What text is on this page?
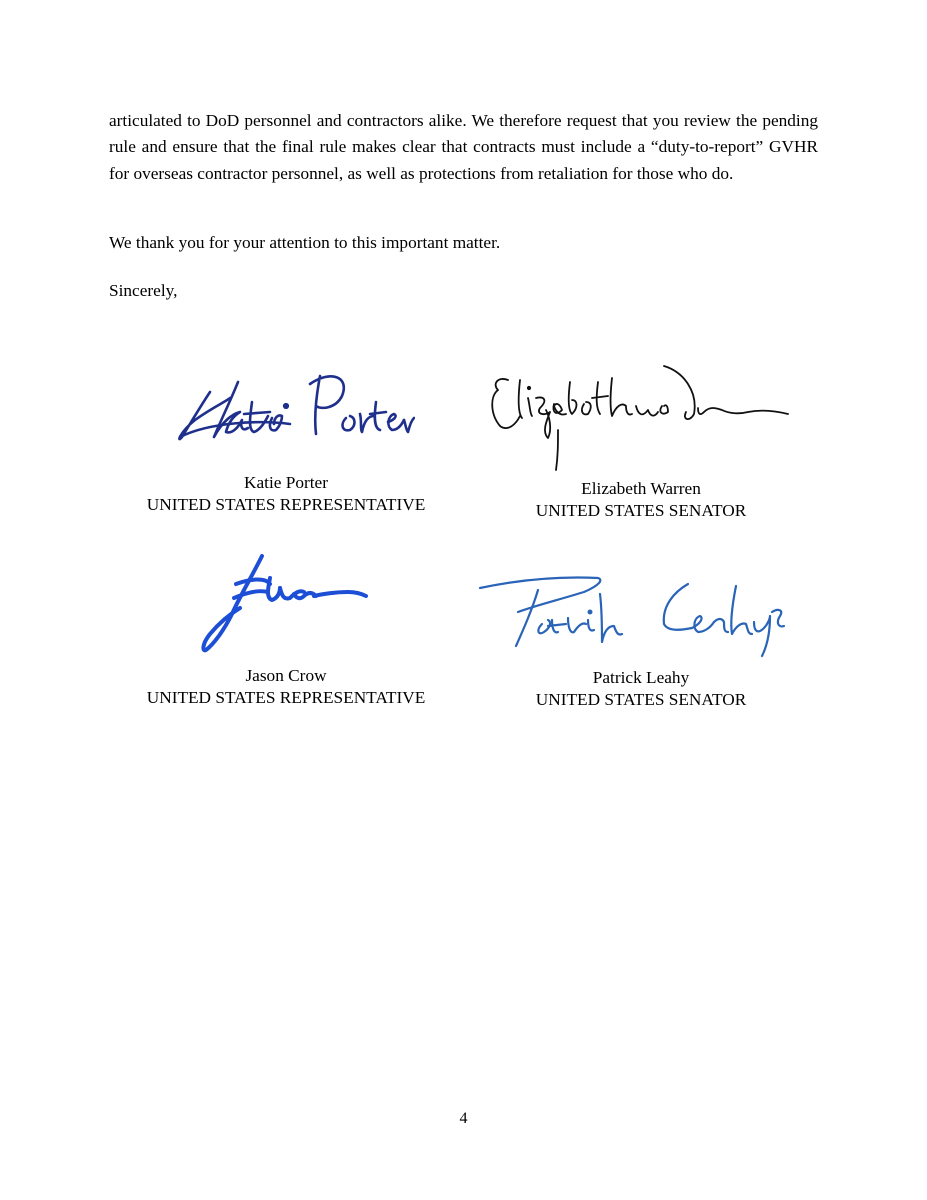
articulated to DoD personnel and contractors alike. We therefore request that you review the pending rule and ensure that the final rule makes clear that contracts must include a “duty-to-report” GVHR for overseas contractor personnel, as well as protections from retaliation for those who do.

We thank you for your attention to this important matter.

Sincerely,

Katie Porter
UNITED STATES REPRESENTATIVE
Elizabeth Warren
UNITED STATES SENATOR
Jason Crow
UNITED STATES REPRESENTATIVE
Patrick Leahy
UNITED STATES SENATOR
4
